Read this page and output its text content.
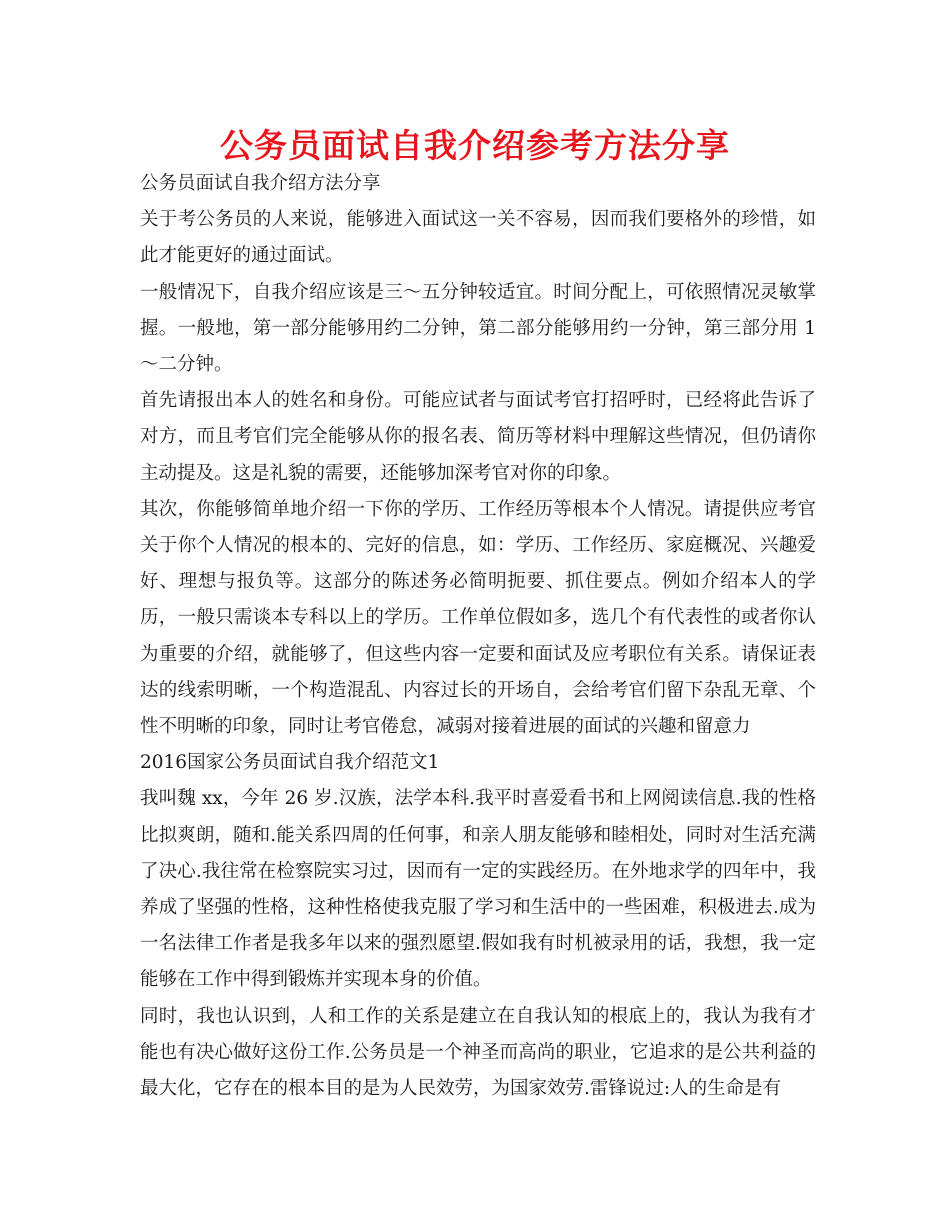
公务员面试自我介绍参考方法分享

公务员面试自我介绍方法分享

关于考公务员的人来说，能够进入面试这一关不容易，因而我们要格外的珍惜，如此才能更好的通过面试。

一般情况下，自我介绍应该是三～五分钟较适宜。时间分配上，可依照情况灵敏掌握。一般地，第一部分能够用约二分钟，第二部分能够用约一分钟，第三部分用 1～二分钟。

首先请报出本人的姓名和身份。可能应试者与面试考官打招呼时，已经将此告诉了对方，而且考官们完全能够从你的报名表、简历等材料中理解这些情况，但仍请你主动提及。这是礼貌的需要，还能够加深考官对你的印象。

其次，你能够简单地介绍一下你的学历、工作经历等根本个人情况。请提供应考官关于你个人情况的根本的、完好的信息，如：学历、工作经历、家庭概况、兴趣爱好、理想与报负等。这部分的陈述务必简明扼要、抓住要点。例如介绍本人的学历，一般只需谈本专科以上的学历。工作单位假如多，选几个有代表性的或者你认为重要的介绍，就能够了，但这些内容一定要和面试及应考职位有关系。请保证表达的线索明晰，一个构造混乱、内容过长的开场自，会给考官们留下杂乱无章、个性不明晰的印象，同时让考官倦怠，减弱对接着进展的面试的兴趣和留意力

2016国家公务员面试自我介绍范文1

我叫魏 xx，今年 26 岁.汉族，法学本科.我平时喜爱看书和上网阅读信息.我的性格比拟爽朗，随和.能关系四周的任何事，和亲人朋友能够和睦相处，同时对生活充满了决心.我往常在检察院实习过，因而有一定的实践经历。在外地求学的四年中，我养成了坚强的性格，这种性格使我克服了学习和生活中的一些困难，积极进去.成为一名法律工作者是我多年以来的强烈愿望.假如我有时机被录用的话，我想，我一定能够在工作中得到锻炼并实现本身的价值。

同时，我也认识到，人和工作的关系是建立在自我认知的根底上的，我认为我有才能也有决心做好这份工作.公务员是一个神圣而高尚的职业，它追求的是公共利益的最大化，它存在的根本目的是为人民效劳，为国家效劳.雷锋说过:人的生命是有
